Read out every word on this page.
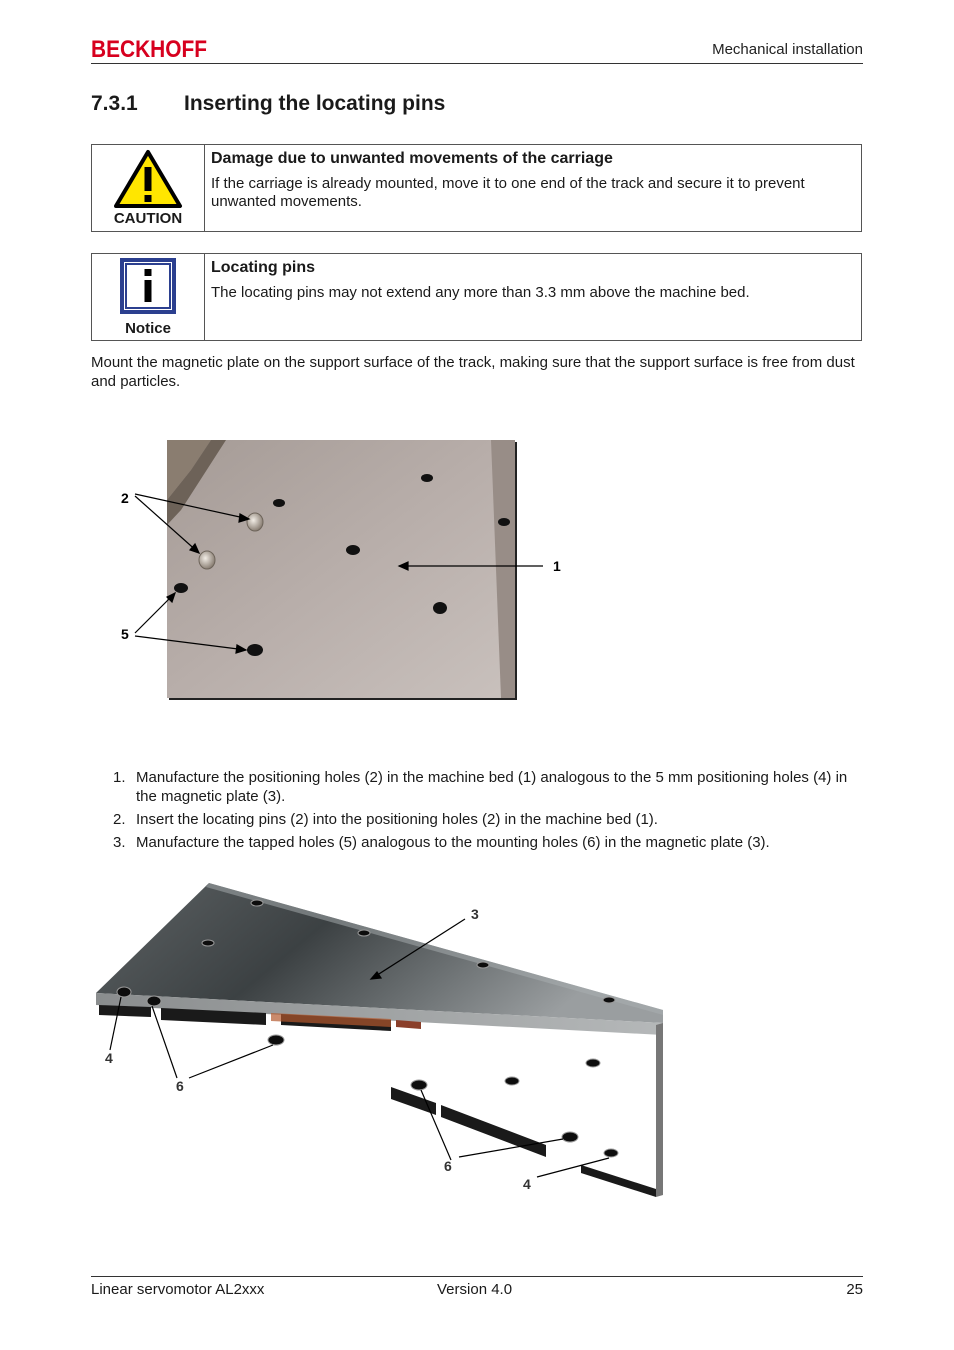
BECKHOFF	Mechanical installation
7.3.1 Inserting the locating pins
CAUTION
Damage due to unwanted movements of the carriage
If the carriage is already mounted, move it to one end of the track and secure it to prevent unwanted movements.
Notice
Locating pins
The locating pins may not extend any more than 3.3 mm above the machine bed.
Mount the magnetic plate on the support surface of the track, making sure that the support surface is free from dust and particles.
2
5
1
1. Manufacture the positioning holes (2) in the machine bed (1) analogous to the 5 mm positioning holes (4) in the magnetic plate (3).
2. Insert the locating pins (2) into the positioning holes (2) in the machine bed (1).
3. Manufacture the tapped holes (5) analogous to the mounting holes (6) in the magnetic plate (3).
3
4
6
6
4
Linear servomotor AL2xxx	Version 4.0	25
